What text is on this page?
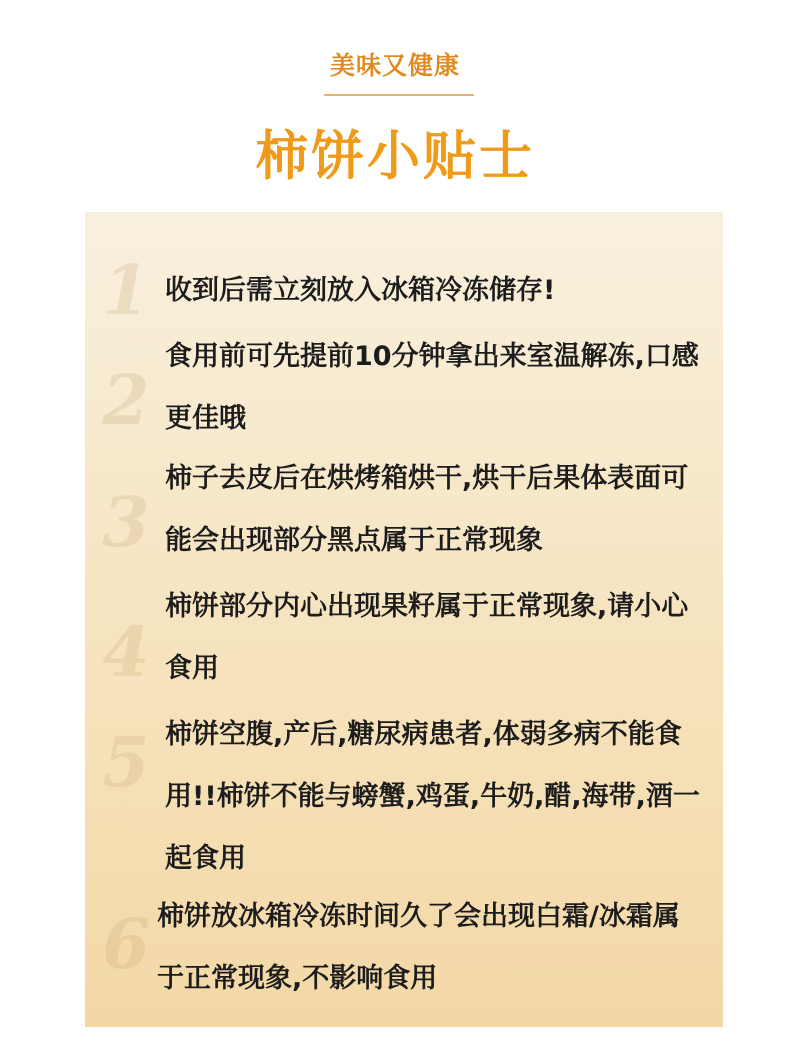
美味又健康
柿饼小贴士
1 收到后需立刻放入冰箱冷冻储存!
2
食用前可先提前10分钟拿出来室温解冻,口感更佳哦
3
柿子去皮后在烘烤箱烘干,烘干后果体表面可能会出现部分黑点属于正常现象
4
柿饼部分内心出现果籽属于正常现象,请小心食用
5 柿饼空腹,产后,糖尿病患者,体弱多病不能食用!!柿饼不能与螃蟹,鸡蛋,牛奶,醋,海带,酒一起食用
6 柿饼放冰箱冷冻时间久了会出现白霜/冰霜属于正常现象,不影响食用
